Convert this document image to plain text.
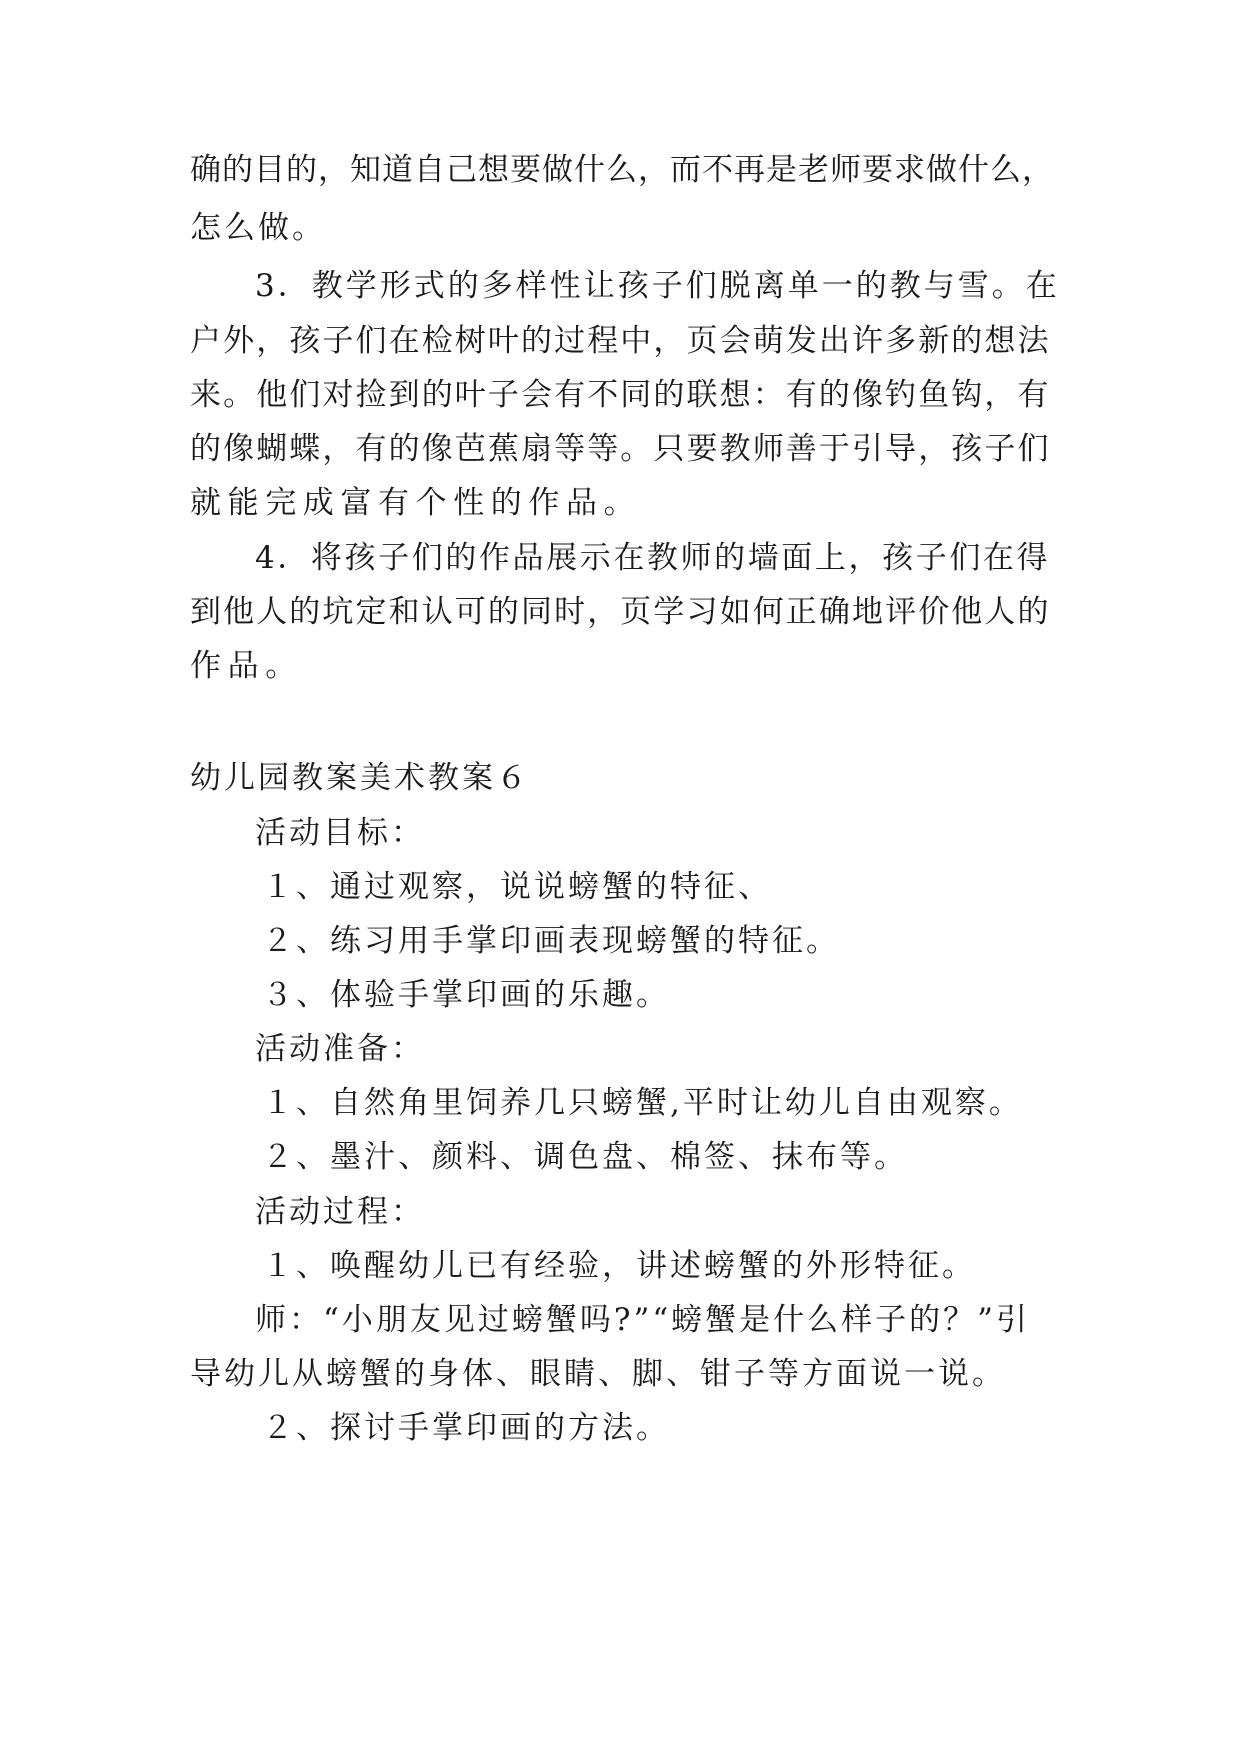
确的目的，知道自己想要做什么，而不再是老师要求做什么，
怎么做。
3．教学形式的多样性让孩子们脱离单一的教与雪。在
户外，孩子们在检树叶的过程中，页会萌发出许多新的想法
来。他们对捡到的叶子会有不同的联想：有的像钓鱼钩，有
的像蝴蝶，有的像芭蕉扇等等。只要教师善于引导，孩子们
就能完成富有个性的作品。
4．将孩子们的作品展示在教师的墙面上，孩子们在得
到他人的坑定和认可的同时，页学习如何正确地评价他人的
作品。
幼儿园教案美术教案６
活动目标：
１、通过观察，说说螃蟹的特征、
２、练习用手掌印画表现螃蟹的特征。
３、体验手掌印画的乐趣。
活动准备：
１、自然角里饲养几只螃蟹,平时让幼儿自由观察。
２、墨汁、颜料、调色盘、棉签、抹布等。
活动过程：
１、唤醒幼儿已有经验，讲述螃蟹的外形特征。
师：“小朋友见过螃蟹吗?”“螃蟹是什么样子的？”引
导幼儿从螃蟹的身体、眼睛、脚、钳子等方面说一说。
２、探讨手掌印画的方法。
